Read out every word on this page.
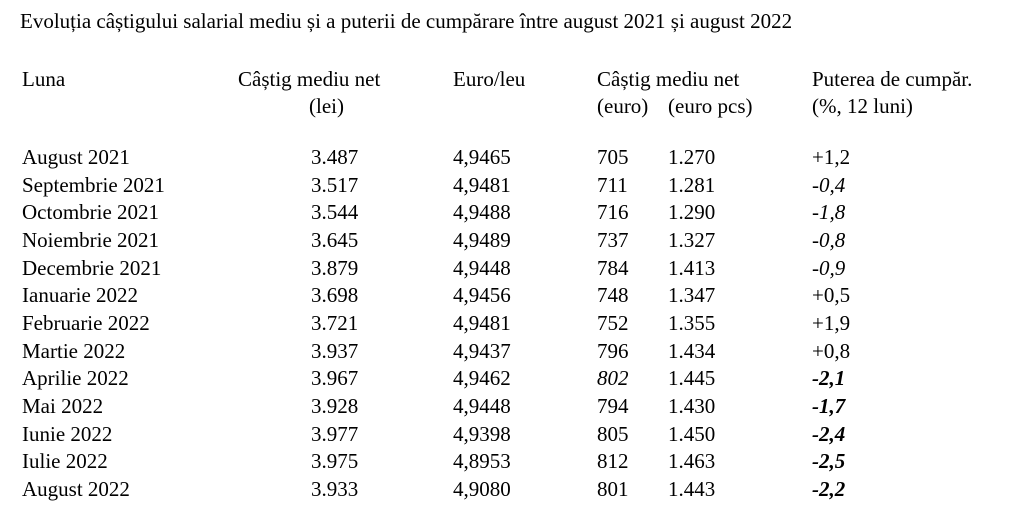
Evoluția câștigului salarial mediu și a puterii de cumpărare între august 2021 și august 2022
Luna	Câștig mediu net
(lei)
Euro/leu	Câștig mediu net
(euro) (euro pcs)
Puterea de cumpăr.
(%, 12 luni)
August 2021	3.487	4,9465	705 1.270	+1,2
Septembrie 2021	3.517	4,9481	711 1.281	-0,4
Octombrie 2021	3.544	4,9488	716 1.290	-1,8
Noiembrie 2021	3.645	4,9489	737 1.327	-0,8
Decembrie 2021	3.879	4,9448	784 1.413	-0,9
Ianuarie 2022	3.698	4,9456	748 1.347	+0,5
Februarie 2022	3.721	4,9481	752 1.355	+1,9
Martie 2022	3.937	4,9437	796 1.434	+0,8
Aprilie 2022	3.967	4,9462	802 1.445	-2,1
Mai 2022	3.928	4,9448	794 1.430	-1,7
Iunie 2022	3.977	4,9398	805 1.450	-2,4
Iulie 2022	3.975	4,8953	812 1.463	-2,5
August 2022	3.933	4,9080	801 1.443	-2,2
